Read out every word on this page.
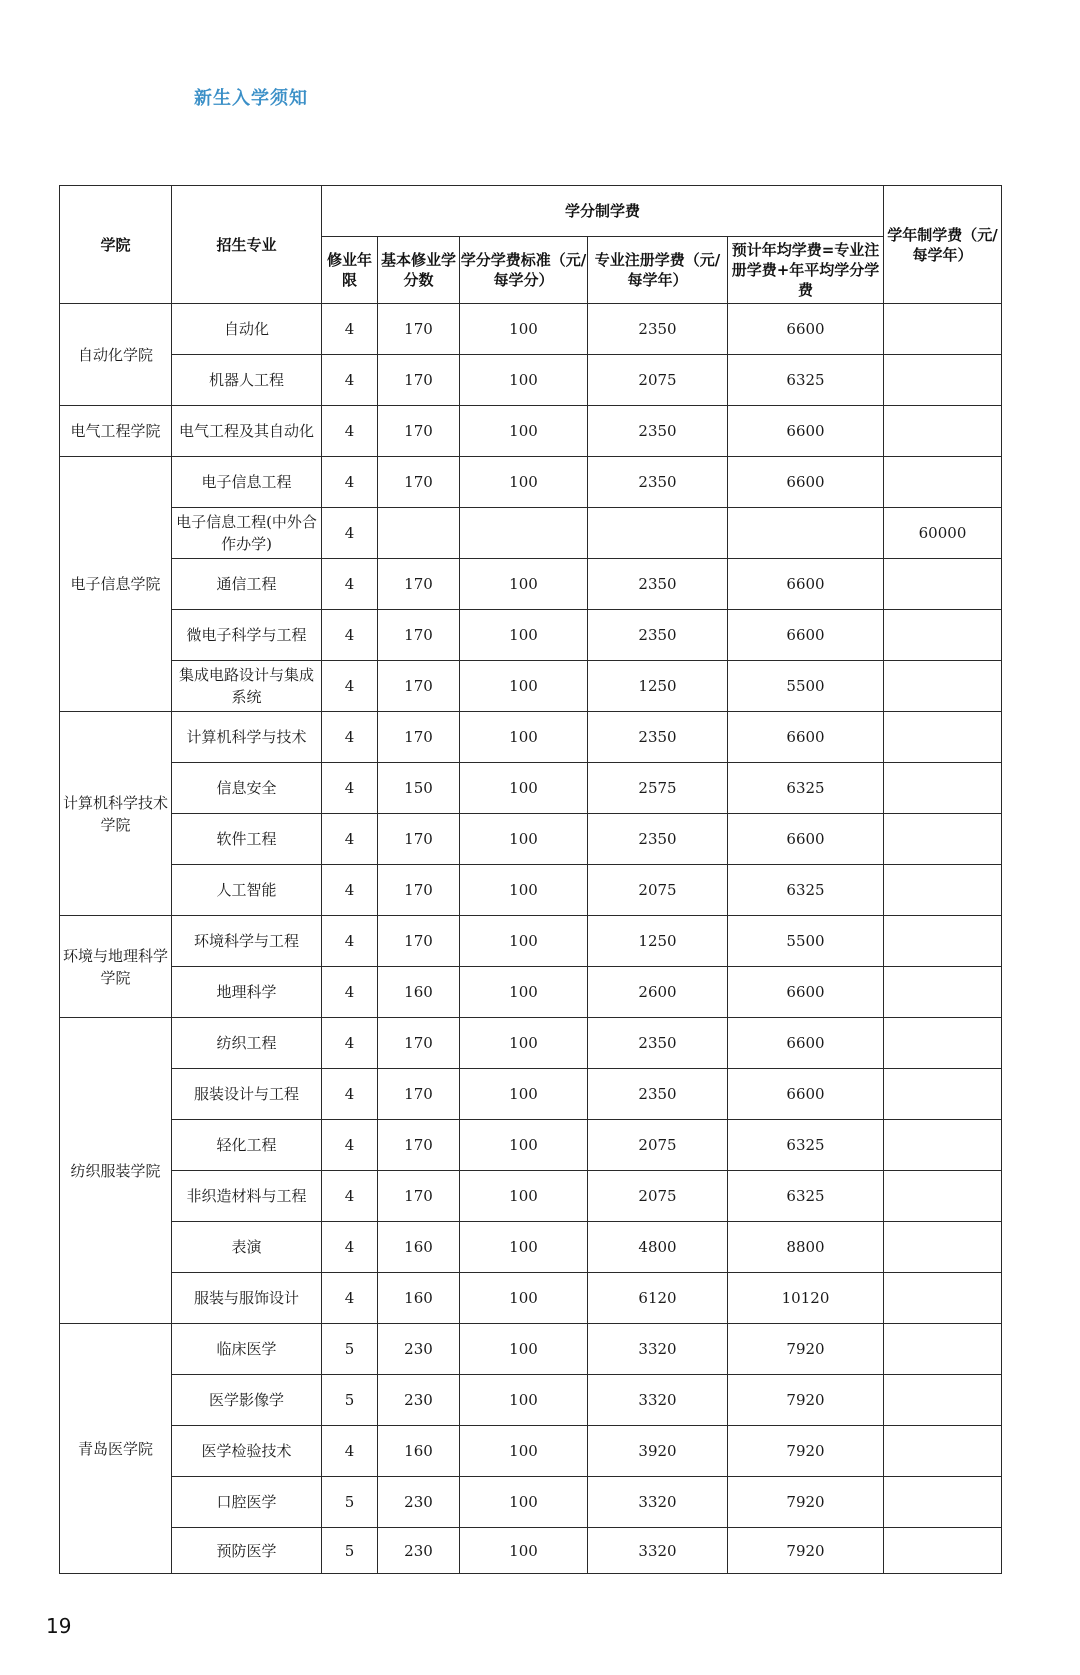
新生入学须知
学院	招生专业	学分制学费					学年制学费（元/每学年）
		修业年限	基本修业学分数	学分学费标准（元/每学分）	专业注册学费（元/每学年）	预计年均学费=专业注册学费+年平均学分学费	
自动化学院	自动化	4	170	100	2350	6600	
	机器人工程	4	170	100	2075	6325	
电气工程学院	电气工程及其自动化	4	170	100	2350	6600	
电子信息学院	电子信息工程	4	170	100	2350	6600	
	电子信息工程(中外合作办学)	4					60000
	通信工程	4	170	100	2350	6600	
	微电子科学与工程	4	170	100	2350	6600	
	集成电路设计与集成系统	4	170	100	1250	5500	
计算机科学技术学院	计算机科学与技术	4	170	100	2350	6600	
	信息安全	4	150	100	2575	6325	
	软件工程	4	170	100	2350	6600	
	人工智能	4	170	100	2075	6325	
环境与地理科学学院	环境科学与工程	4	170	100	1250	5500	
	地理科学	4	160	100	2600	6600	
纺织服装学院	纺织工程	4	170	100	2350	6600	
	服装设计与工程	4	170	100	2350	6600	
	轻化工程	4	170	100	2075	6325	
	非织造材料与工程	4	170	100	2075	6325	
	表演	4	160	100	4800	8800	
	服装与服饰设计	4	160	100	6120	10120	
青岛医学院	临床医学	5	230	100	3320	7920	
	医学影像学	5	230	100	3320	7920	
	医学检验技术	4	160	100	3920	7920	
	口腔医学	5	230	100	3320	7920	
	预防医学	5	230	100	3320	7920	
19
